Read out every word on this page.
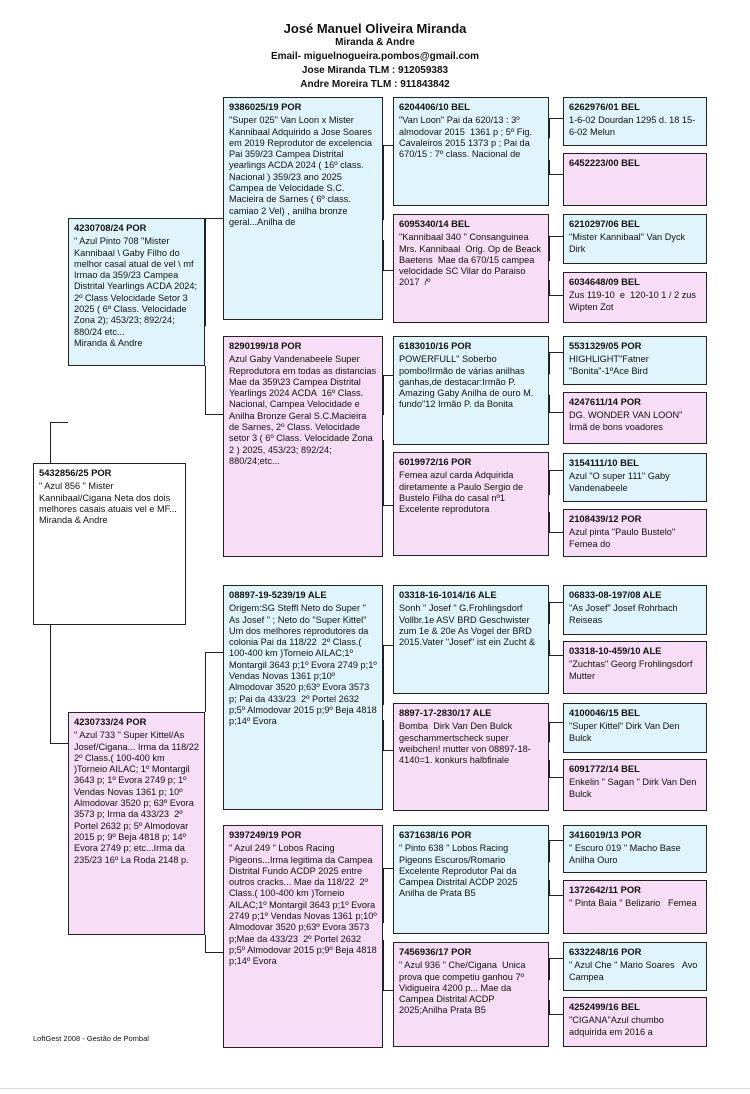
José Manuel Oliveira Miranda
Miranda & Andre
Email- miguelnogueira.pombos@gmail.com
Jose Miranda TLM : 912059383
Andre Moreira TLM : 911843842
5432856/25 POR
" Azul 856 " Mister Kannibaal/Cigana Neta dos dois melhores casais atuais vel e MF...
Miranda & Andre
4230708/24 POR
" Azul Pinto 708 "Mister Kannibaal \ Gaby Filho do melhor casal atual de vel \ mf Irmao da 359/23 Campea Distrital Yearlings ACDA 2024; 2º Class Velocidade Setor 3 2025 ( 6º Class. Velocidade Zona 2); 453/23; 892/24; 880/24 etc...
Miranda & Andre
4230733/24 POR
" Azul 733 " Super Kittel/As Josef/Cigana... Irma da 118/22  2º Class.( 100-400 km )Torneio AILAC; 1º Montargil 3643 p; 1º Evora 2749 p; 1º Vendas Novas 1361 p; 10º Almodovar 3520 p; 63º Evora 3573 p; Irma da 433/23  2º Portel 2632 p; 5º Almodovar 2015 p; 9º Beja 4818 p; 14º Evora 2749 p; etc...Irma da 235/23 16º La Roda 2148 p.
9386025/19 POR
"Super 025" Van Loon x Mister Kannibaal Adquirido a Jose Soares em 2019 Reprodutor de excelencia  Pai 359/23 Campea Distrital yearlings ACDA 2024 ( 16º class. Nacional ) 359/23 ano 2025 Campea de Velocidade S.C. Macieira de Sarnes ( 6º class. camiao 2 Vel) , anilha bronze geral...Anilha de
8290199/18 POR
Azul Gaby Vandenabeele Super Reprodutora em todas as distancias Mae da 359\23 Campea Distrital Yearlings 2024 ACDA  16º Class. Nacional, Campea Velocidade e Anilha Bronze Geral S.C.Macieira de Sarnes, 2º Class. Velocidade setor 3 ( 6º Class. Velocidade Zona 2 ) 2025, 453/23; 892/24; 880/24;etc...
08897-19-5239/19 ALE
Origem:SG Steffl Neto do Super " As Josef " ; Neto do "Super Kittel" Um dos melhores reprodutores da colonia Pai da 118/22  2º Class.( 100-400 km )Torneio AILAC;1º Montargil 3643 p;1º Evora 2749 p;1º Vendas Novas 1361 p;10º Almodovar 3520 p;63º Evora 3573 p; Pai da 433/23  2º Portel 2632 p;5º Almodovar 2015 p;9º Beja 4818 p;14º Evora
9397249/19 POR
" Azul 249 " Lobos Racing Pigeons...Irma legitima da Campea Distrital Fundo ACDP 2025 entre outros cracks... Mae da 118/22  2º Class.( 100-400 km )Torneio AILAC;1º Montargil 3643 p;1º Evora 2749 p;1º Vendas Novas 1361 p;10º Almodovar 3520 p;63º Evora 3573 p;Mae da 433/23  2º Portel 2632 p;5º Almodovar 2015 p;9º Beja 4818 p;14º Evora
6204406/10 BEL
"Van Loon" Pai da 620/13 : 3º almodovar 2015  1361 p ; 5º Fig. Cavaleiros 2015 1373 p ; Pai da 670/15 : 7º class. Nacional de
6095340/14 BEL
"Kannibaal 340 " Consanguinea Mrs. Kannibaal  Orig. Op de Beack Baetens  Mae da 670/15 campea velocidade SC Vilar do Paraiso 2017  /º
6183010/16 POR
POWERFULL" Soberbo pombo!Irmão de várias anilhas ganhas,de destacar:Irmão P. Amazing Gaby Anilha de ouro M. fundo"12 Irmão P. da Bonita
6019972/16 POR
Femea azul carda Adquirida diretamente a Paulo Sergio de Bustelo Filha do casal nº1 Excelente reprodutora
03318-16-1014/16 ALE
Sonh " Josef " G.Frohlingsdorf Vollbr.1e ASV BRD Geschwister zum 1e & 20e As Vogel der BRD 2015.Vater "Josef" ist ein Zucht &
8897-17-2830/17 ALE
Bomba  Dirk Van Den Bulck geschammertscheck super weibchen! mutter von 08897-18-4140=1. konkurs halbfinale
6371638/16 POR
" Pinto 638 " Lobos Racing Pigeons Escuros/Romario Excelente Reprodutor Pai da Campea Distrital ACDP 2025 Anilha de Prata B5
7456936/17 POR
" Azul 936 " Che/Cigana  Unica prova que competiu ganhou 7º Vidigueira 4200 p... Mae da Campea Distrital ACDP 2025;Anilha Prata B5
6262976/01 BEL
1-6-02 Dourdan 1295 d. 18 15-6-02 Melun
6452223/00 BEL
6210297/06 BEL
"Mister Kannibaal" Van Dyck Dirk
6034648/09 BEL
Zus 119-10  e  120-10 1 / 2 zus Wipten Zot
5531329/05 POR
HIGHLIGHT"Fatner "Bonita"-1ºAce Bird
4247611/14 POR
DG. WONDER VAN LOON" Irmã de bons voadores
3154111/10 BEL
Azul "O super 111" Gaby Vandenabeele
2108439/12 POR
Azul pinta "Paulo Bustelo" Femea do
06833-08-197/08 ALE
"As Josef" Josef Rohrbach Reiseas
03318-10-459/10 ALE
"Zuchtas" Georg Frohlingsdorf Mutter
4100046/15 BEL
"Super Kittel" Dirk Van Den Bulck
6091772/14 BEL
Enkelin " Sagan " Dirk Van Den Bulck
3416019/13 POR
" Escuro 019 " Macho Base  Anilha Ouro
1372642/11 POR
" Pinta Baia " Belizario   Femea
6332248/16 POR
" Azul Che " Mario Soares   Avo Campea
4252499/16 BEL
"CIGANA"Azul chumbo adquirida em 2016 a
LoftGest 2008 - Gestão de Pombal
